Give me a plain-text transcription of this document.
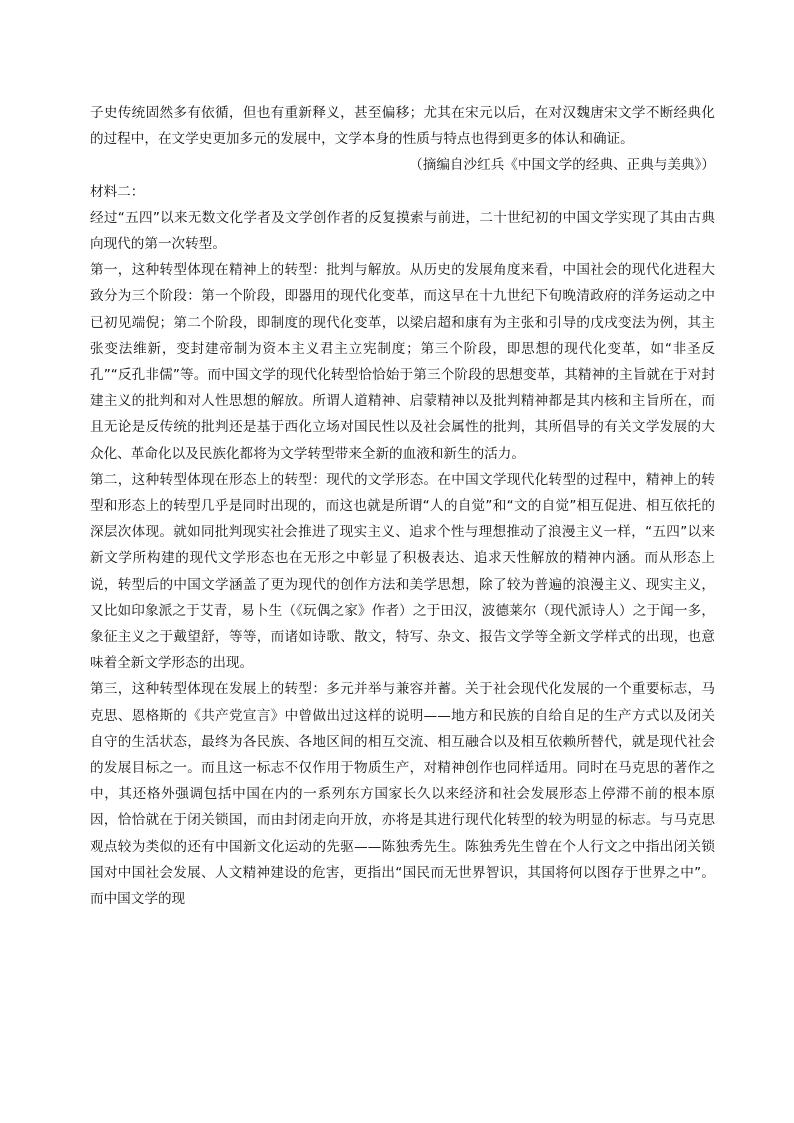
子史传统固然多有依循，但也有重新释义，甚至偏移；尤其在宋元以后，在对汉魏唐宋文学不断经典化的过程中，在文学史更加多元的发展中，文学本身的性质与特点也得到更多的体认和确证。

（摘编自沙红兵《中国文学的经典、正典与美典》）

材料二：

经过“五四”以来无数文化学者及文学创作者的反复摸索与前进，二十世纪初的中国文学实现了其由古典向现代的第一次转型。

第一，这种转型体现在精神上的转型：批判与解放。从历史的发展角度来看，中国社会的现代化进程大致分为三个阶段：第一个阶段，即器用的现代化变革，而这早在十九世纪下旬晚清政府的洋务运动之中已初见端倪；第二个阶段，即制度的现代化变革，以梁启超和康有为主张和引导的戊戌变法为例，其主张变法维新，变封建帝制为资本主义君主立宪制度；第三个阶段，即思想的现代化变革，如“非圣反孔”“反孔非儒”等。而中国文学的现代化转型恰恰始于第三个阶段的思想变革，其精神的主旨就在于对封建主义的批判和对人性思想的解放。所谓人道精神、启蒙精神以及批判精神都是其内核和主旨所在，而且无论是反传统的批判还是基于西化立场对国民性以及社会属性的批判，其所倡导的有关文学发展的大众化、革命化以及民族化都将为文学转型带来全新的血液和新生的活力。

第二，这种转型体现在形态上的转型：现代的文学形态。在中国文学现代化转型的过程中，精神上的转型和形态上的转型几乎是同时出现的，而这也就是所谓“人的自觉”和“文的自觉”相互促进、相互依托的深层次体现。就如同批判现实社会推进了现实主义、追求个性与理想推动了浪漫主义一样，“五四”以来新文学所构建的现代文学形态也在无形之中彰显了积极表达、追求天性解放的精神内涵。而从形态上说，转型后的中国文学涵盖了更为现代的创作方法和美学思想，除了较为普遍的浪漫主义、现实主义，又比如印象派之于艾青，易卜生（《玩偶之家》作者）之于田汉，波德莱尔（现代派诗人）之于闻一多，象征主义之于戴望舒，等等，而诸如诗歌、散文，特写、杂文、报告文学等全新文学样式的出现，也意味着全新文学形态的出现。

第三，这种转型体现在发展上的转型：多元并举与兼容并蓄。关于社会现代化发展的一个重要标志，马克思、恩格斯的《共产党宣言》中曾做出过这样的说明——地方和民族的自给自足的生产方式以及闭关自守的生活状态，最终为各民族、各地区间的相互交流、相互融合以及相互依赖所替代，就是现代社会的发展目标之一。而且这一标志不仅作用于物质生产，对精神创作也同样适用。同时在马克思的著作之中，其还格外强调包括中国在内的一系列东方国家长久以来经济和社会发展形态上停滞不前的根本原因，恰恰就在于闭关锁国，而由封闭走向开放，亦将是其进行现代化转型的较为明显的标志。与马克思观点较为类似的还有中国新文化运动的先驱——陈独秀先生。陈独秀先生曾在个人行文之中指出闭关锁国对中国社会发展、人文精神建设的危害，更指出“国民而无世界智识，其国将何以图存于世界之中”。而中国文学的现
